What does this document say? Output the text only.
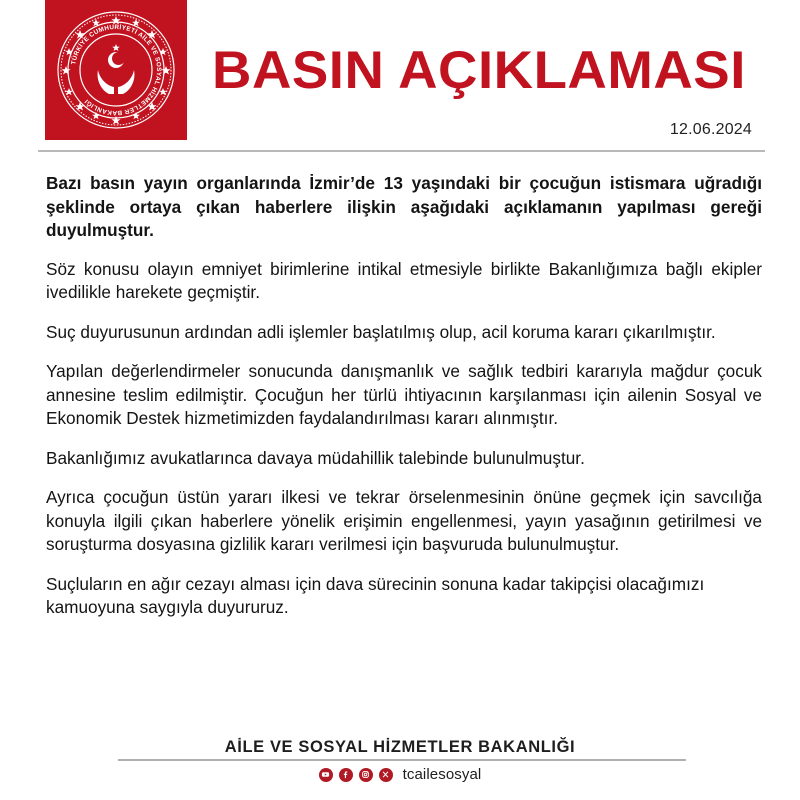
TÜRKİYE CUMHURİYETİ AİLE VE SOSYAL HİZMETLER BAKANLIĞI
BASIN AÇIKLAMASI
12.06.2024

Bazı basın yayın organlarında İzmir’de 13 yaşındaki bir çocuğun istismara uğradığı şeklinde ortaya çıkan haberlere ilişkin aşağıdaki açıklamanın yapılması gereği duyulmuştur.

Söz konusu olayın emniyet birimlerine intikal etmesiyle birlikte Bakanlığımıza bağlı ekipler ivedilikle harekete geçmiştir.

Suç duyurusunun ardından adli işlemler başlatılmış olup, acil koruma kararı çıkarılmıştır.

Yapılan değerlendirmeler sonucunda danışmanlık ve sağlık tedbiri kararıyla mağdur çocuk annesine teslim edilmiştir. Çocuğun her türlü ihtiyacının karşılanması için ailenin Sosyal ve Ekonomik Destek hizmetimizden faydalandırılması kararı alınmıştır.

Bakanlığımız avukatlarınca davaya müdahillik talebinde bulunulmuştur.

Ayrıca çocuğun üstün yararı ilkesi ve tekrar örselenmesinin önüne geçmek için savcılığa konuyla ilgili çıkan haberlere yönelik erişimin engellenmesi, yayın yasağının getirilmesi ve soruşturma dosyasına gizlilik kararı verilmesi için başvuruda bulunulmuştur.

Suçluların en ağır cezayı alması için dava sürecinin sonuna kadar takipçisi olacağımızı kamuoyuna saygıyla duyururuz.

AİLE VE SOSYAL HİZMETLER BAKANLIĞI
tcailesosyal
